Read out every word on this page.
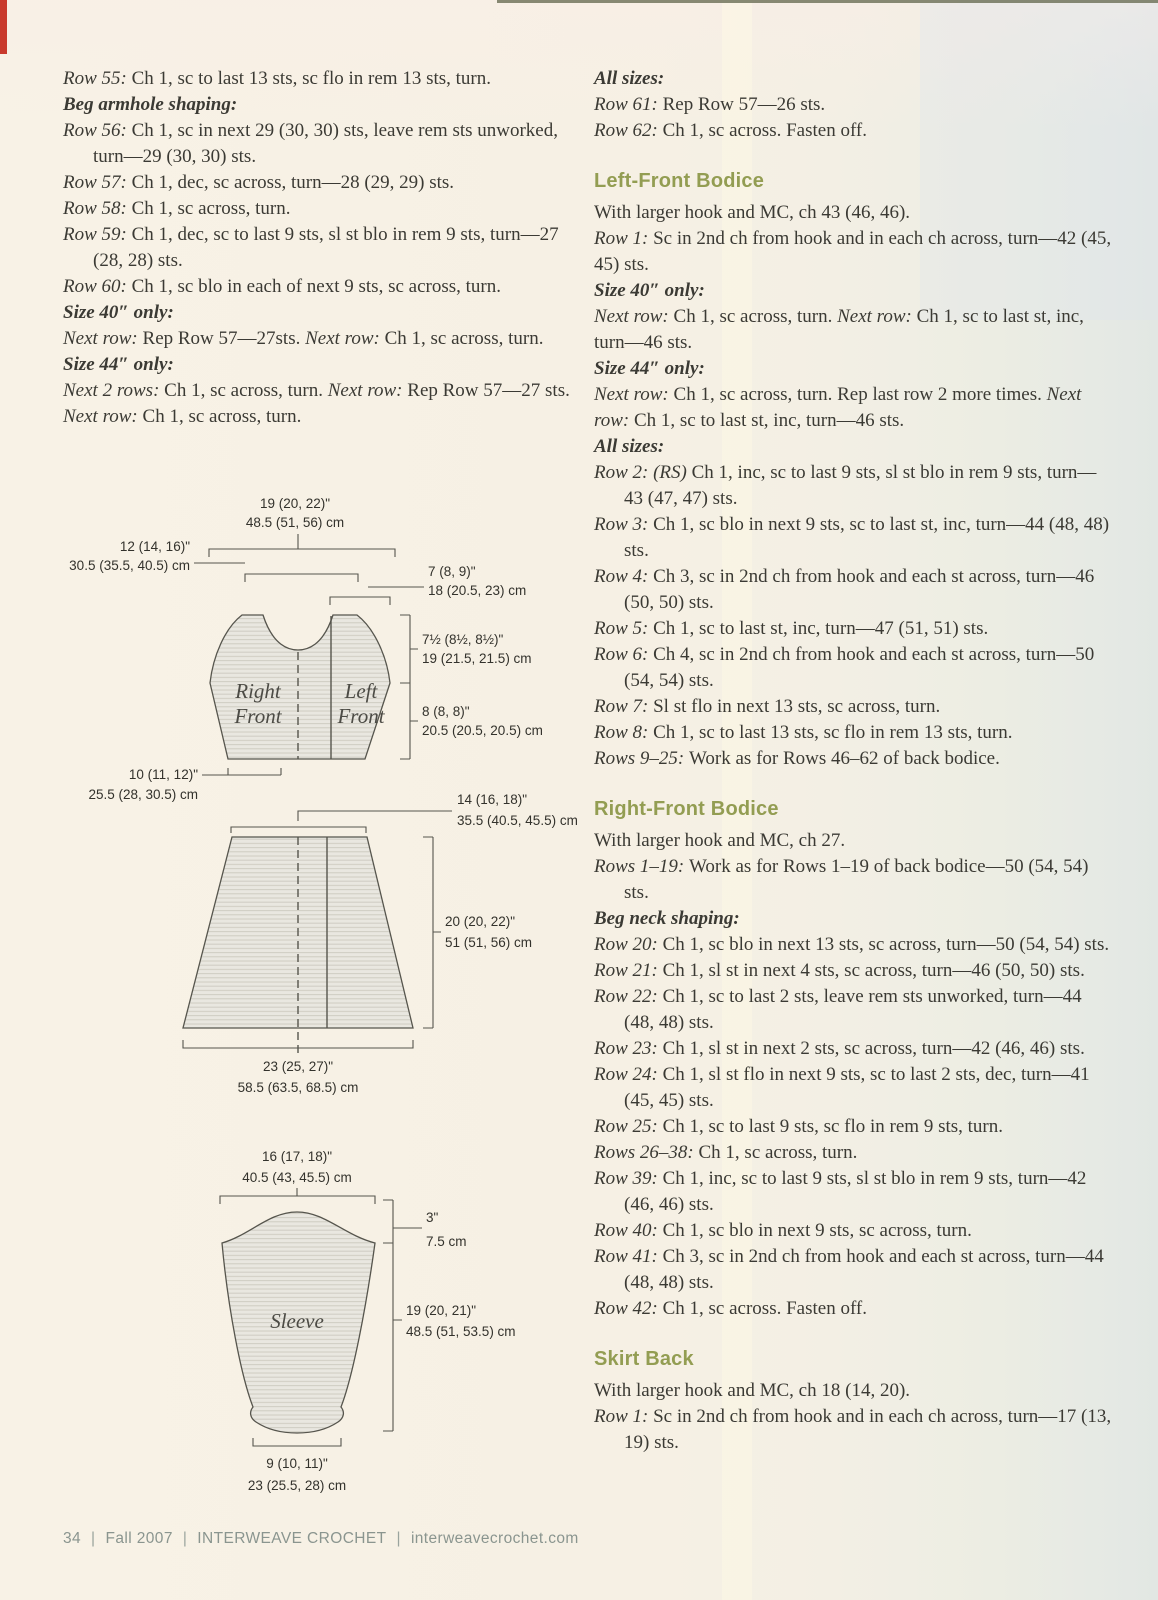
Row 55: Ch 1, sc to last 13 sts, sc flo in rem 13 sts, turn.

Beg armhole shaping:

Row 56: Ch 1, sc in next 29 (30, 30) sts, leave rem sts unworked, turn—29 (30, 30) sts.

Row 57: Ch 1, dec, sc across, turn—28 (29, 29) sts.

Row 58: Ch 1, sc across, turn.

Row 59: Ch 1, dec, sc to last 9 sts, sl st blo in rem 9 sts, turn—27 (28, 28) sts.

Row 60: Ch 1, sc blo in each of next 9 sts, sc across, turn.

Size 40″ only:

Next row: Rep Row 57—27sts. Next row: Ch 1, sc across, turn.

Size 44″ only:

Next 2 rows: Ch 1, sc across, turn. Next row: Rep Row 57—27 sts. Next row: Ch 1, sc across, turn.

All sizes:

Row 61: Rep Row 57—26 sts.

Row 62: Ch 1, sc across. Fasten off.

Left-Front Bodice

With larger hook and MC, ch 43 (46, 46).

Row 1: Sc in 2nd ch from hook and in each ch across, turn—42 (45, 45) sts.

Size 40″ only:

Next row: Ch 1, sc across, turn. Next row: Ch 1, sc to last st, inc, turn—46 sts.

Size 44″ only:

Next row: Ch 1, sc across, turn. Rep last row 2 more times. Next row: Ch 1, sc to last st, inc, turn—46 sts.

All sizes:

Row 2: (RS) Ch 1, inc, sc to last 9 sts, sl st blo in rem 9 sts, turn—43 (47, 47) sts.

Row 3: Ch 1, sc blo in next 9 sts, sc to last st, inc, turn—44 (48, 48) sts.

Row 4: Ch 3, sc in 2nd ch from hook and each st across, turn—46 (50, 50) sts.

Row 5: Ch 1, sc to last st, inc, turn—47 (51, 51) sts.

Row 6: Ch 4, sc in 2nd ch from hook and each st across, turn—50 (54, 54) sts.

Row 7: Sl st flo in next 13 sts, sc across, turn.

Row 8: Ch 1, sc to last 13 sts, sc flo in rem 13 sts, turn.

Rows 9–25: Work as for Rows 46–62 of back bodice.

Right-Front Bodice

With larger hook and MC, ch 27.

Rows 1–19: Work as for Rows 1–19 of back bodice—50 (54, 54) sts.

Beg neck shaping:

Row 20: Ch 1, sc blo in next 13 sts, sc across, turn—50 (54, 54) sts.

Row 21: Ch 1, sl st in next 4 sts, sc across, turn—46 (50, 50) sts.

Row 22: Ch 1, sc to last 2 sts, leave rem sts unworked, turn—44 (48, 48) sts.

Row 23: Ch 1, sl st in next 2 sts, sc across, turn—42 (46, 46) sts.

Row 24: Ch 1, sl st flo in next 9 sts, sc to last 2 sts, dec, turn—41 (45, 45) sts.

Row 25: Ch 1, sc to last 9 sts, sc flo in rem 9 sts, turn.

Rows 26–38: Ch 1, sc across, turn.

Row 39: Ch 1, inc, sc to last 9 sts, sl st blo in rem 9 sts, turn—42 (46, 46) sts.

Row 40: Ch 1, sc blo in next 9 sts, sc across, turn.

Row 41: Ch 3, sc in 2nd ch from hook and each st across, turn—44 (48, 48) sts.

Row 42: Ch 1, sc across. Fasten off.

Skirt Back

With larger hook and MC, ch 18 (14, 20).

Row 1: Sc in 2nd ch from hook and in each ch across, turn—17 (13, 19) sts.

19 (20, 22)"
48.5 (51, 56) cm
12 (14, 16)"
30.5 (35.5, 40.5) cm	7 (8, 9)"
18 (20.5, 23) cm
Right
Front
Left
Front
7½ (8½, 8½)"
19 (21.5, 21.5) cm
8 (8, 8)"
20.5 (20.5, 20.5) cm
10 (11, 12)"
25.5 (28, 30.5) cm	14 (16, 18)"
35.5 (40.5, 45.5) cm
20 (20, 22)"
51 (51, 56) cm
23 (25, 27)"
58.5 (63.5, 68.5) cm
16 (17, 18)"
40.5 (43, 45.5) cm
Sleeve
3"
7.5 cm
19 (20, 21)"
48.5 (51, 53.5) cm
9 (10, 11)"
23 (25.5, 28) cm
34 | Fall 2007 | INTERWEAVE CROCHET | interweavecrochet.com
